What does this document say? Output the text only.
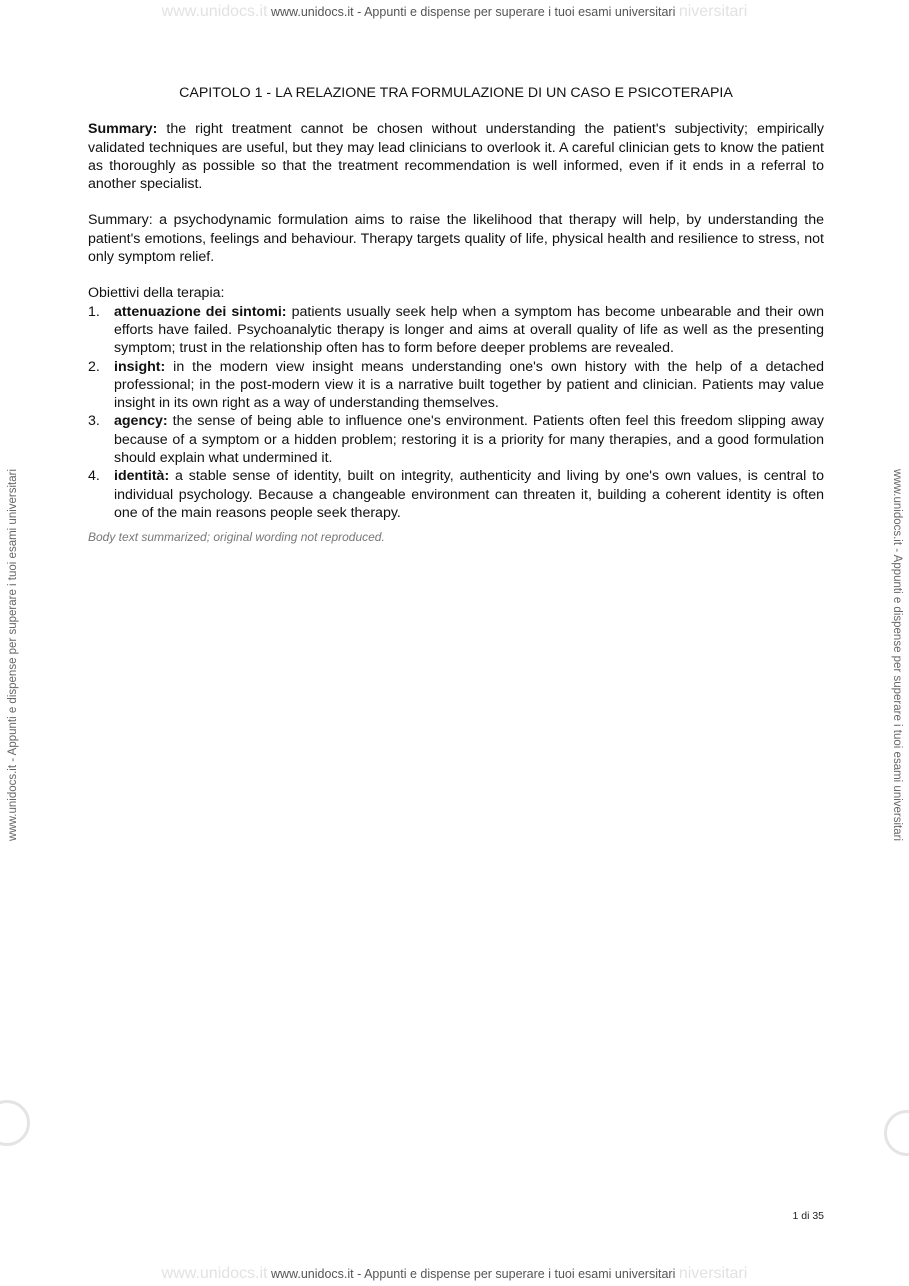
www.unidocs.it www.unidocs.it - Appunti e dispense per superare i tuoi esami universitari niversitari
www.unidocs.it - Appunti e dispense per superare i tuoi esami universitari	www.unidocs.it - Appunti e dispense per superare i tuoi esami universitari
CAPITOLO 1 - LA RELAZIONE TRA FORMULAZIONE DI UN CASO E PSICOTERAPIA

Summary: the right treatment cannot be chosen without understanding the patient's subjectivity; empirically validated techniques are useful, but they may lead clinicians to overlook it. A careful clinician gets to know the patient as thoroughly as possible so that the treatment recommendation is well informed, even if it ends in a referral to another specialist.

Summary: a psychodynamic formulation aims to raise the likelihood that therapy will help, by understanding the patient's emotions, feelings and behaviour. Therapy targets quality of life, physical health and resilience to stress, not only symptom relief.

Obiettivi della terapia:

1. attenuazione dei sintomi: patients usually seek help when a symptom has become unbearable and their own efforts have failed. Psychoanalytic therapy is longer and aims at overall quality of life as well as the presenting symptom; trust in the relationship often has to form before deeper problems are revealed.
2. insight: in the modern view insight means understanding one's own history with the help of a detached professional; in the post-modern view it is a narrative built together by patient and clinician. Patients may value insight in its own right as a way of understanding themselves.
3. agency: the sense of being able to influence one's environment. Patients often feel this freedom slipping away because of a symptom or a hidden problem; restoring it is a priority for many therapies, and a good formulation should explain what undermined it.
4. identità: a stable sense of identity, built on integrity, authenticity and living by one's own values, is central to individual psychology. Because a changeable environment can threaten it, building a coherent identity is often one of the main reasons people seek therapy.

Body text summarized; original wording not reproduced.

1 di 35
www.unidocs.it www.unidocs.it - Appunti e dispense per superare i tuoi esami universitari niversitari
